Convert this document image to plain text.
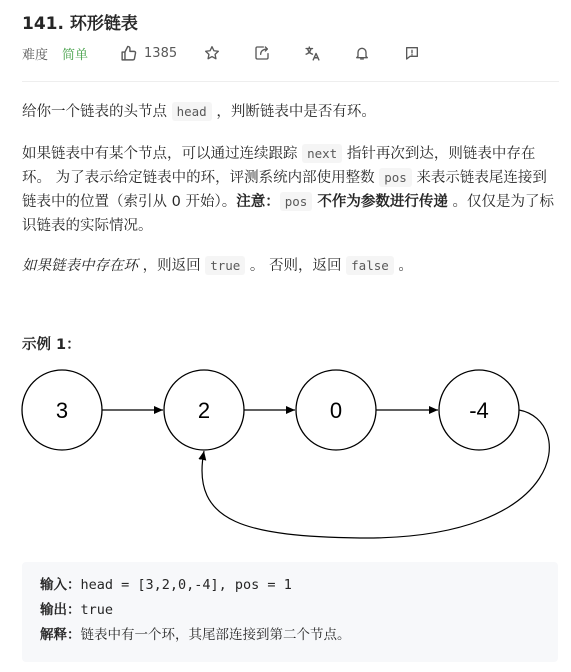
141. 环形链表
难度 简单	1385
给你一个链表的头节点 head ，判断链表中是否有环。
如果链表中有某个节点，可以通过连续跟踪 next 指针再次到达，则链表中存在环。 为了表示给定链表中的环，评测系统内部使用整数 pos 来表示链表尾连接到链表中的位置（索引从 0 开始）。注意： pos 不作为参数进行传递 。仅仅是为了标识链表的实际情况。
如果链表中存在环 ，则返回 true 。 否则，返回 false 。
示例 1：
3	2	0	-4
输入：head = [3,2,0,-4], pos = 1
输出：true
解释：链表中有一个环，其尾部连接到第二个节点。
